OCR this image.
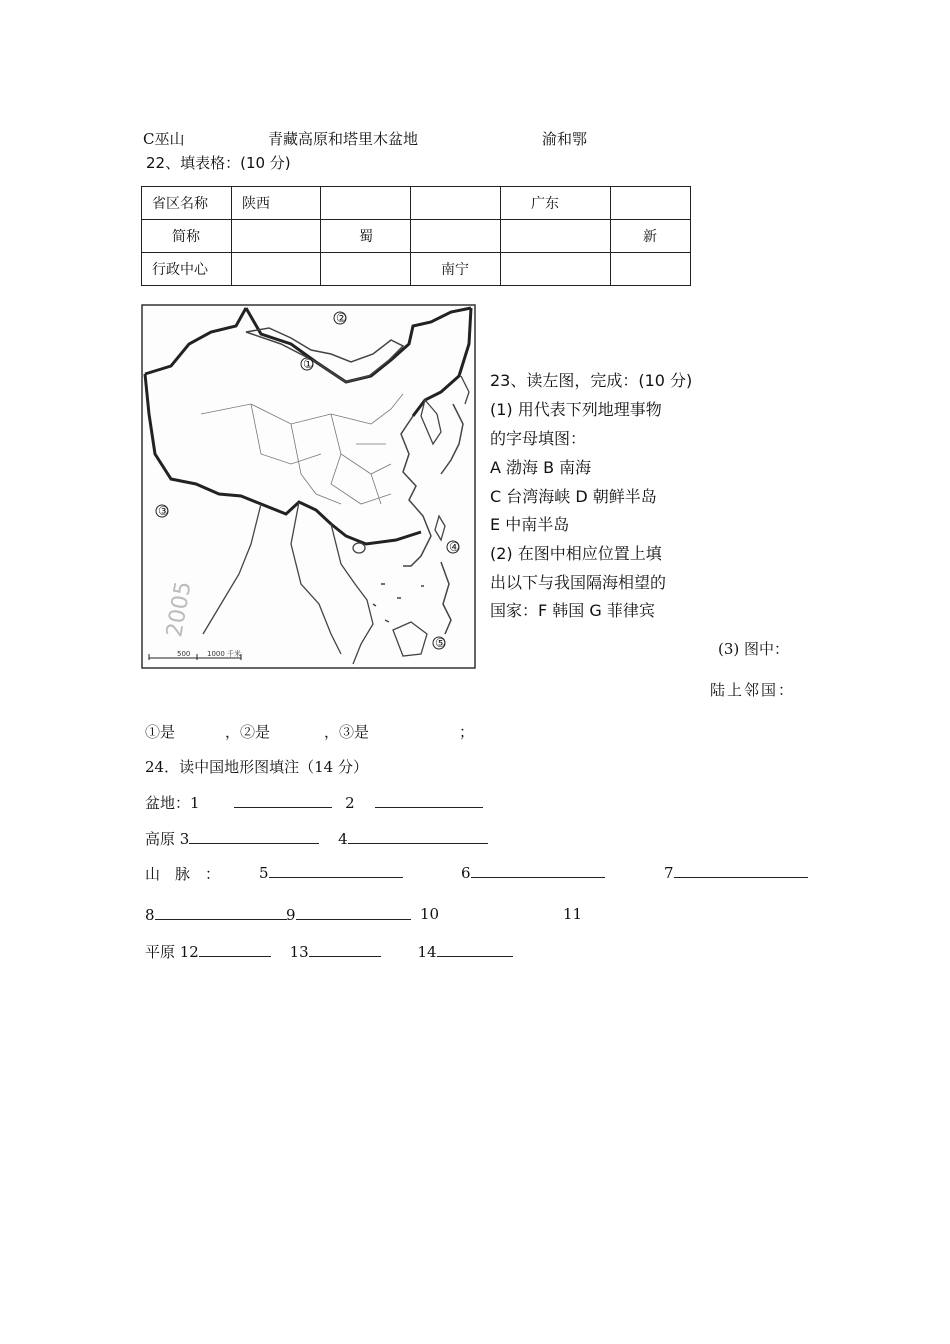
C巫山	青藏高原和塔里木盆地	渝和鄂
22、填表格：(10 分)
省区名称	陕西			广东	
简称		蜀			新
行政中心			南宁		
②
①
③
④
⑤
2005
500 1000 千米
23、读左图，完成：(10 分)
(1) 用代表下列地理事物
的字母填图：
A 渤海 B 南海
C 台湾海峡 D 朝鲜半岛
E 中南半岛
(2) 在图中相应位置上填
出以下与我国隔海相望的
国家：F 韩国 G 菲律宾
(3) 图中：
陆上邻国：
①是	，②是	，③是	；
24．读中国地形图填注（14 分）
盆地：1	2
高原 3	4
山　脉　：	5	6	7
8	9	10	11
平原 12	13	14
